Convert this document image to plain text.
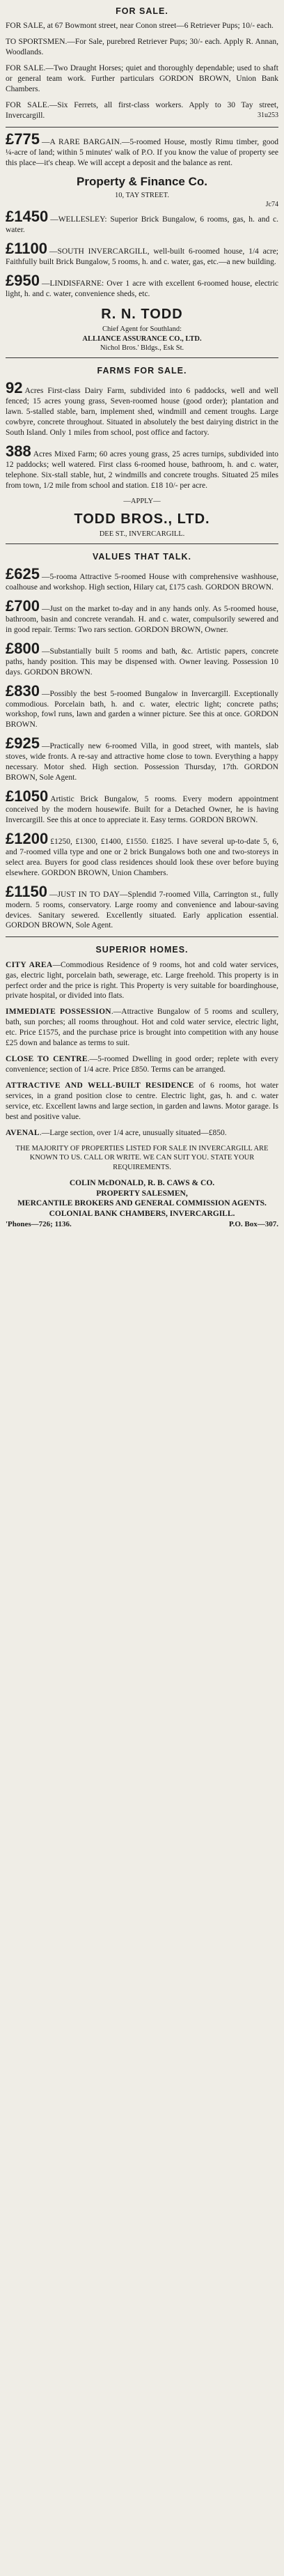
FOR SALE.
FOR SALE, at 67 Bowmont street, near Conon street—6 Retriever Pups; 10/- each.
TO SPORTSMEN.—For Sale, purebred Retriever Pups; 30/- each. Apply R. Annan, Woodlands.
FOR SALE.—Two Draught Horses; quiet and thoroughly dependable; used to shaft or general team work. Further particulars GORDON BROWN, Union Bank Chambers.
FOR SALE.—Six Ferrets, all first-class workers. Apply to 30 Tay street, Invercargill.	31u253
£775 —A RARE BARGAIN.—5-roomed House, mostly Rimu timber, good ¼-acre of land; within 5 minutes' walk of P.O. If you know the value of property see this place—it's cheap. We will accept a deposit and the balance as rent.
Property & Finance Co.
10, TAY STREET.
Jc74
£1450 —WELLESLEY: Superior Brick Bungalow, 6 rooms, gas, h. and c. water.
£1100 —SOUTH INVERCARGILL, well-built 6-roomed house, 1/4 acre; Faithfully built Brick Bungalow, 5 rooms, h. and c. water, gas, etc.—a new building.
£950 —LINDISFARNE: Over 1 acre with excellent 6-roomed house, electric light, h. and c. water, convenience sheds, etc.
R. N. TODD
Chief Agent for Southland:
ALLIANCE ASSURANCE CO., LTD.
Nichol Bros.' Bldgs., Esk St.
FARMS FOR SALE.
92 Acres First-class Dairy Farm, subdivided into 6 paddocks, well and well fenced; 15 acres young grass, Seven-roomed house (good order); plantation and lawn. 5-stalled stable, barn, implement shed, windmill and cement troughs. Large cowbyre, concrete throughout. Situated in absolutely the best dairying district in the South Island. Only 1 miles from school, post office and factory.
388 Acres Mixed Farm; 60 acres young grass, 25 acres turnips, subdivided into 12 paddocks; well watered. First class 6-roomed house, bathroom, h. and c. water, telephone. Six-stall stable, hut, 2 windmills and concrete troughs. Situated 25 miles from town, 1/2 mile from school and station. £18 10/- per acre.
—APPLY—
TODD BROS., LTD.
DEE ST., INVERCARGILL.
VALUES THAT TALK.
£625 —5-rooma Attractive 5-roomed House with comprehensive washhouse, coalhouse and workshop. High section, Hilary cat, £175 cash. GORDON BROWN.
£700 —Just on the market to-day and in any hands only. As 5-roomed house, bathroom, basin and concrete verandah. H. and c. water, compulsorily sewered and in good repair. Terms: Two rars section. GORDON BROWN, Owner.
£800 —Substantially built 5 rooms and bath, &c. Artistic papers, concrete paths, handy position. This may be dispensed with. Owner leaving. Possession 10 days. GORDON BROWN.
£830 —Possibly the best 5-roomed Bungalow in Invercargill. Exceptionally commodious. Porcelain bath, h. and c. water, electric light; concrete paths; workshop, fowl runs, lawn and garden a winner picture. See this at once. GORDON BROWN.
£925 —Practically new 6-roomed Villa, in good street, with mantels, slab stoves, wide fronts. A re-say and attractive home close to town. Everything a happy necessary. Motor shed. High section. Possession Thursday, 17th. GORDON BROWN, Sole Agent.
£1050 Artistic Brick Bungalow, 5 rooms. Every modern appointment conceived by the modern housewife. Built for a Detached Owner, he is having Invercargill. See this at once to appreciate it. Easy terms. GORDON BROWN.
£1200 £1250, £1300, £1400, £1550. £1825. I have several up-to-date 5, 6, and 7-roomed villa type and one or 2 brick Bungalows both one and two-storeys in select area. Buyers for good class residences should look these over before buying elsewhere. GORDON BROWN, Union Chambers.
£1150 —JUST IN TO DAY—Splendid 7-roomed Villa, Carrington st., fully modern. 5 rooms, conservatory. Large roomy and convenience and labour-saving devices. Sanitary sewered. Excellently situated. Early application essential. GORDON BROWN, Sole Agent.
SUPERIOR HOMES.
CITY AREA—Commodious Residence of 9 rooms, hot and cold water services, gas, electric light, porcelain bath, sewerage, etc. Large freehold. This property is in perfect order and the price is right. This Property is very suitable for boardinghouse, private hospital, or divided into flats.
IMMEDIATE POSSESSION.—Attractive Bungalow of 5 rooms and scullery, bath, sun porches; all rooms throughout. Hot and cold water service, electric light, etc. Price £1575, and the purchase price is brought into competition with any house £25 down and balance as terms to suit.
CLOSE TO CENTRE.—5-roomed Dwelling in good order; replete with every convenience; section of 1/4 acre. Price £850. Terms can be arranged.
ATTRACTIVE AND WELL-BUILT RESIDENCE of 6 rooms, hot water services, in a grand position close to centre. Electric light, gas, h. and c. water service, etc. Excellent lawns and large section, in garden and lawns. Motor garage. Is best and positive value.
AVENAL.—Large section, over 1/4 acre, unusually situated—£850.
THE MAJORITY OF PROPERTIES LISTED FOR SALE IN INVERCARGILL ARE KNOWN TO US. CALL OR WRITE. WE CAN SUIT YOU. STATE YOUR REQUIREMENTS.
COLIN McDONALD, R. B. CAWS & CO.
PROPERTY SALESMEN,
MERCANTILE BROKERS AND GENERAL COMMISSION AGENTS.
COLONIAL BANK CHAMBERS, INVERCARGILL.
'Phones—726; 1136.	P.O. Box—307.
